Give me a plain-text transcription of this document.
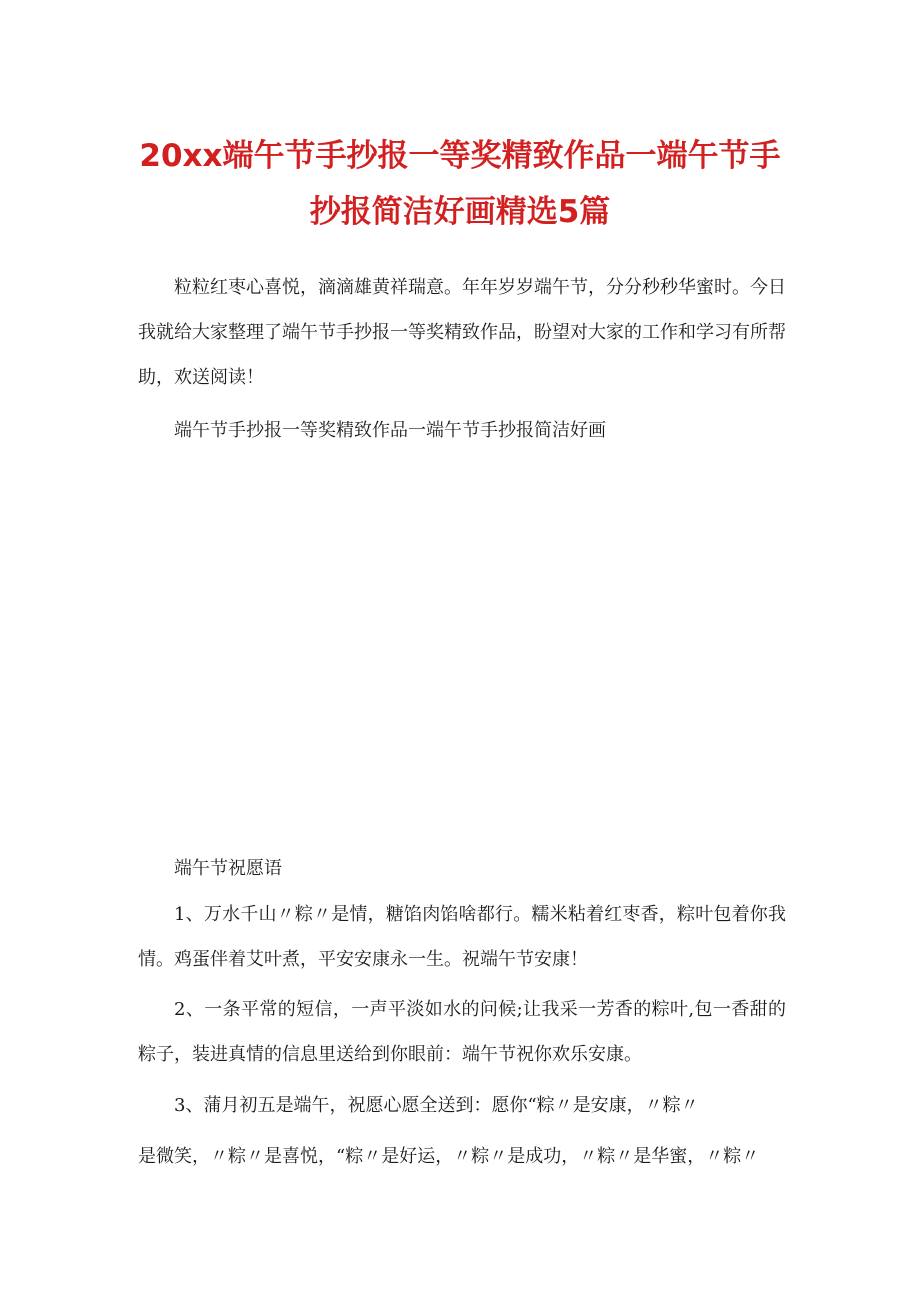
20xx端午节手抄报一等奖精致作品一端午节手抄报简洁好画精选5篇

粒粒红枣心喜悦，滴滴雄黄祥瑞意。年年岁岁端午节，分分秒秒华蜜时。今日我就给大家整理了端午节手抄报一等奖精致作品，盼望对大家的工作和学习有所帮助，欢送阅读！

端午节手抄报一等奖精致作品一端午节手抄报简洁好画

端午节祝愿语

1、万水千山〃粽〃是情，糖馅肉馅啥都行。糯米粘着红枣香，粽叶包着你我情。鸡蛋伴着艾叶煮，平安安康永一生。祝端午节安康！

2、一条平常的短信，一声平淡如水的问候;让我采一芳香的粽叶,包一香甜的粽子，装进真情的信息里送给到你眼前：端午节祝你欢乐安康。

3、蒲月初五是端午，祝愿心愿全送到：愿你“粽〃是安康，〃粽〃

是微笑，〃粽〃是喜悦，“粽〃是好运，〃粽〃是成功，〃粽〃是华蜜，〃粽〃
